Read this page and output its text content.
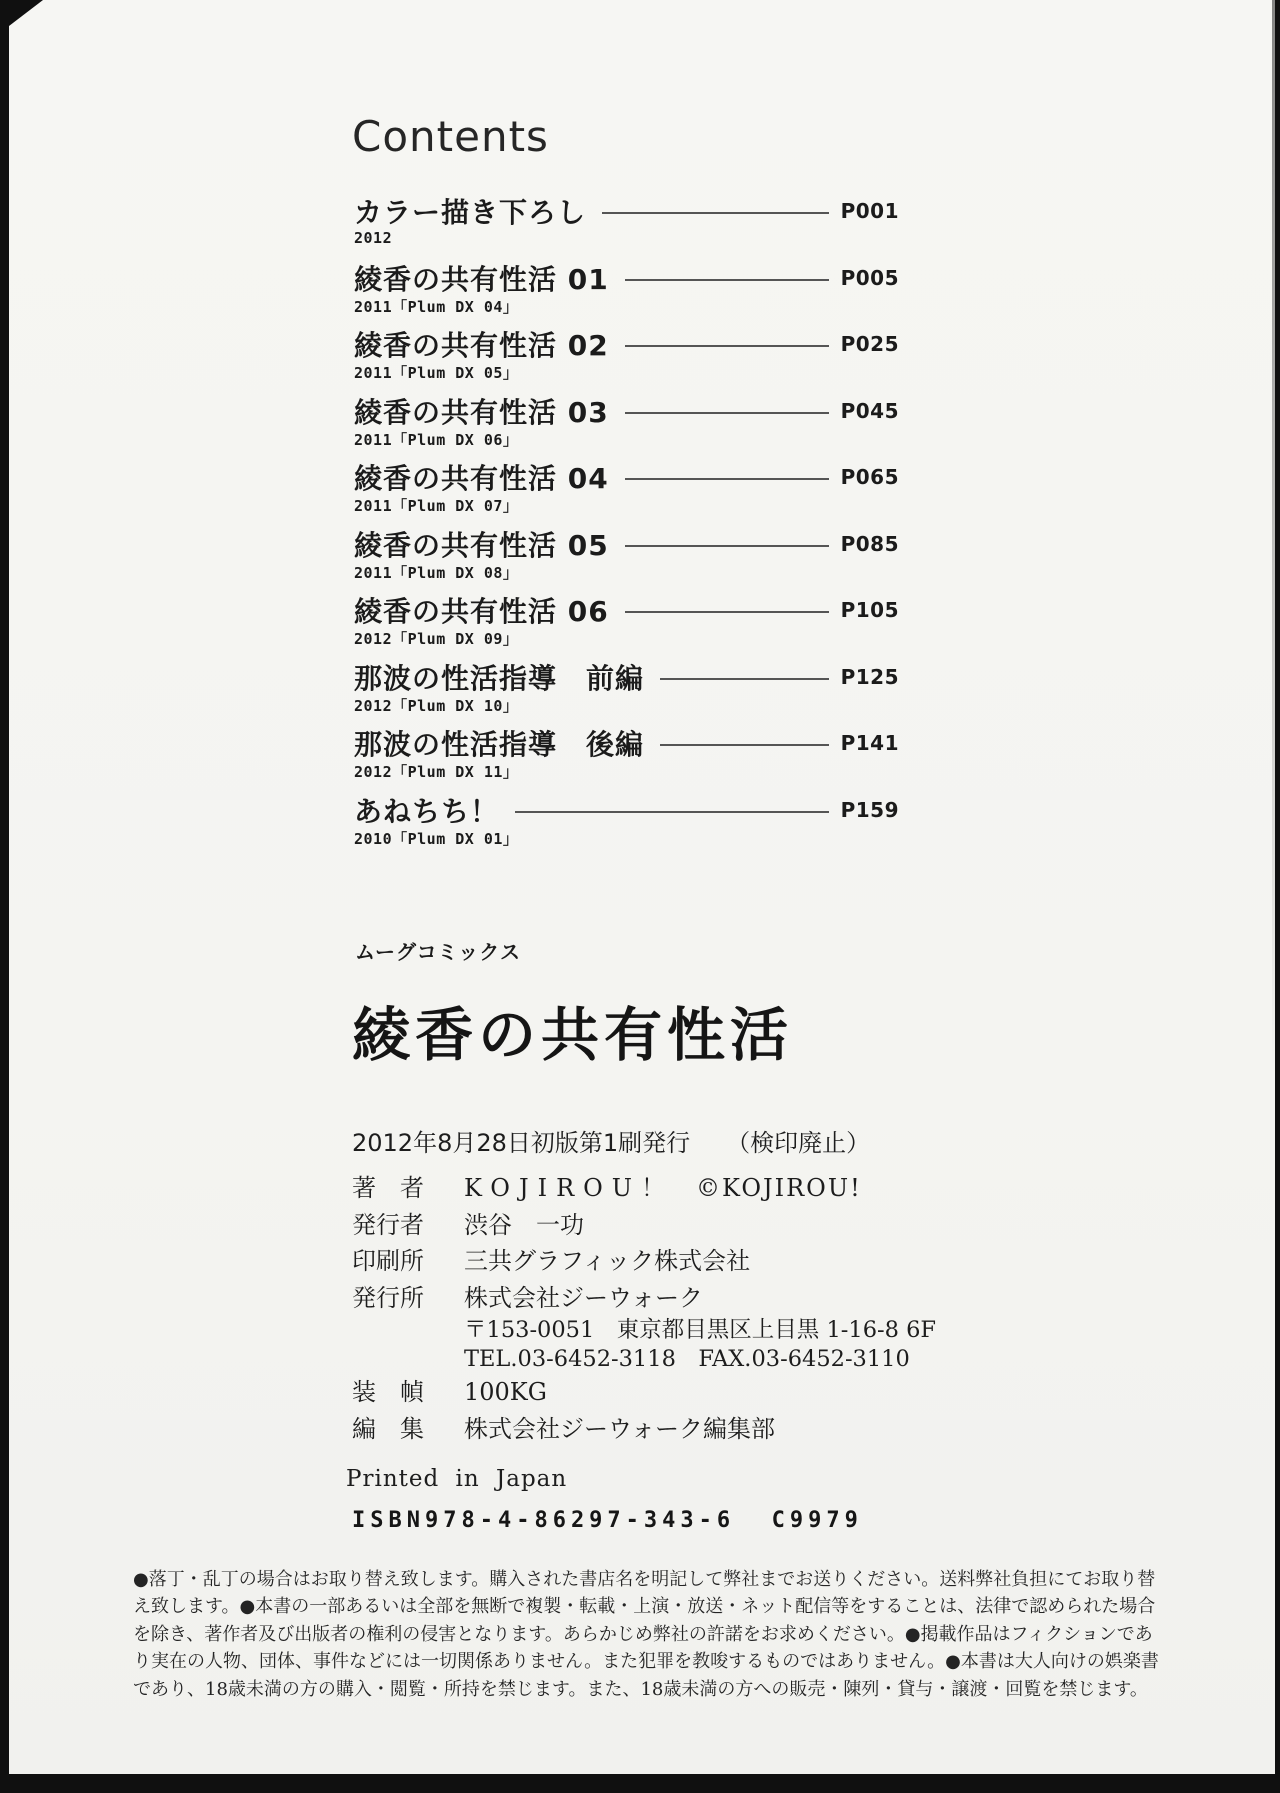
Contents
カラー描き下ろし	P001
2012
綾香の共有性活 01	P005
2011「Plum DX 04」
綾香の共有性活 02	P025
2011「Plum DX 05」
綾香の共有性活 03	P045
2011「Plum DX 06」
綾香の共有性活 04	P065
2011「Plum DX 07」
綾香の共有性活 05	P085
2011「Plum DX 08」
綾香の共有性活 06	P105
2012「Plum DX 09」
那波の性活指導　前編	P125
2012「Plum DX 10」
那波の性活指導　後編	P141
2012「Plum DX 11」
あねちち！	P159
2010「Plum DX 01」
ムーグコミックス
綾香の共有性活
2012年8月28日初版第1刷発行　　（検印廃止）
著　者	KOJIROU！ ©KOJIROU!
発行者	渋谷　一功
印刷所	三共グラフィック株式会社
発行所	株式会社ジーウォーク
〒153-0051　東京都目黒区上目黒 1-16-8 6F
TEL.03-6452-3118　FAX.03-6452-3110
装　幀	100KG
編　集	株式会社ジーウォーク編集部
Printed in Japan
ISBN978-4-86297-343-6  C9979
●落丁・乱丁の場合はお取り替え致します。購入された書店名を明記して弊社までお送りください。送料弊社負担にてお取り替
え致します。●本書の一部あるいは全部を無断で複製・転載・上演・放送・ネット配信等をすることは、法律で認められた場合
を除き、著作者及び出版者の権利の侵害となります。あらかじめ弊社の許諾をお求めください。●掲載作品はフィクションであ
り実在の人物、団体、事件などには一切関係ありません。また犯罪を教唆するものではありません。●本書は大人向けの娯楽書
であり、18歳未満の方の購入・閲覧・所持を禁じます。また、18歳未満の方への販売・陳列・貸与・譲渡・回覧を禁じます。
